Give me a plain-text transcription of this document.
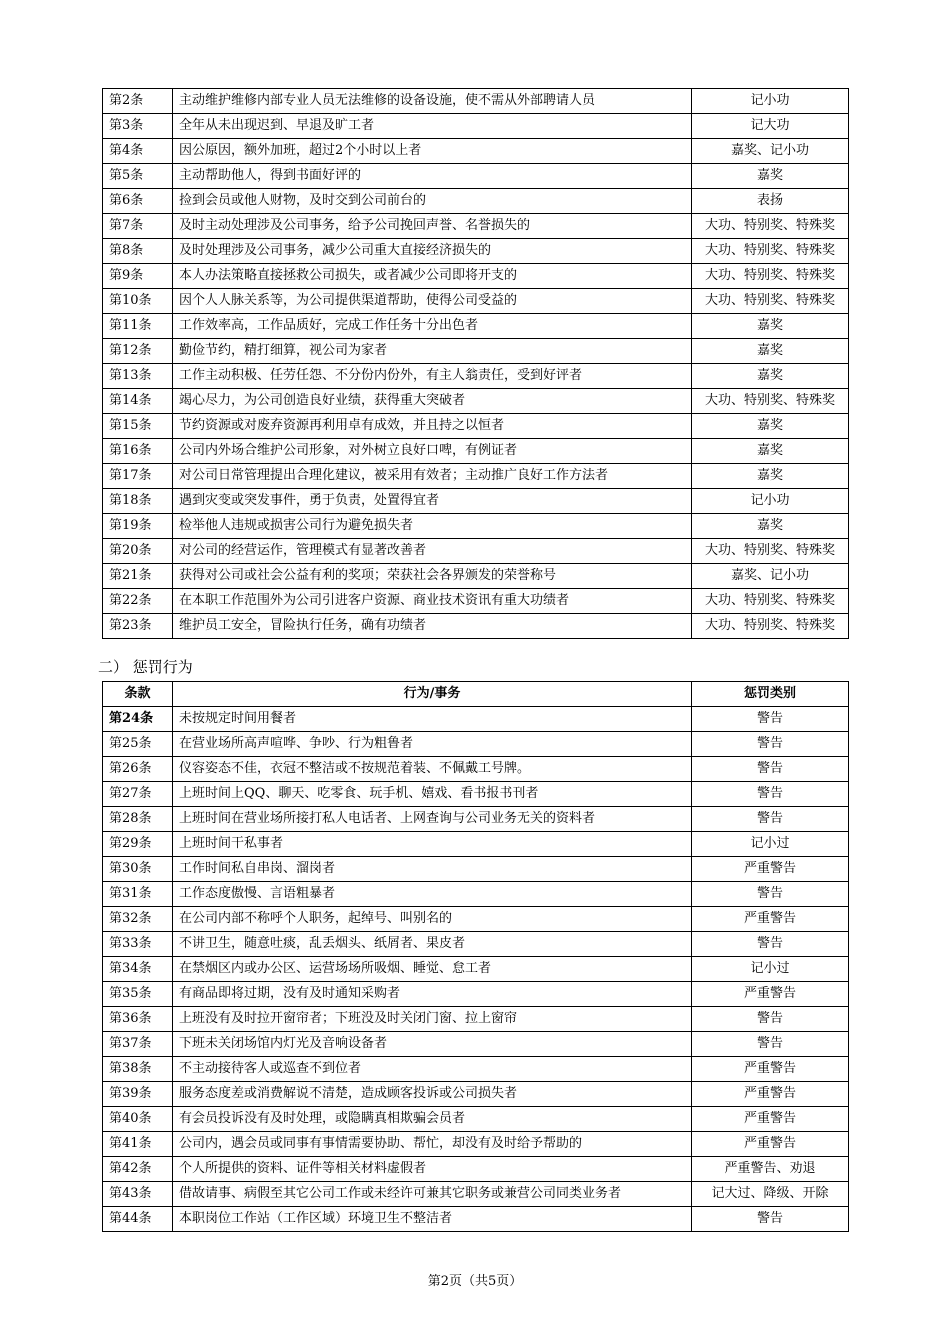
第2条	主动维护维修内部专业人员无法维修的设备设施，使不需从外部聘请人员	记小功
第3条	全年从未出现迟到、早退及旷工者	记大功
第4条	因公原因，额外加班，超过2个小时以上者	嘉奖、记小功
第5条	主动帮助他人，得到书面好评的	嘉奖
第6条	捡到会员或他人财物，及时交到公司前台的	表扬
第7条	及时主动处理涉及公司事务，给予公司挽回声誉、名誉损失的	大功、特别奖、特殊奖
第8条	及时处理涉及公司事务，减少公司重大直接经济损失的	大功、特别奖、特殊奖
第9条	本人办法策略直接拯救公司损失，或者减少公司即将开支的	大功、特别奖、特殊奖
第10条	因个人人脉关系等，为公司提供渠道帮助，使得公司受益的	大功、特别奖、特殊奖
第11条	工作效率高，工作品质好，完成工作任务十分出色者	嘉奖
第12条	勤俭节约，精打细算，视公司为家者	嘉奖
第13条	工作主动积极、任劳任怨、不分份内份外，有主人翁责任，受到好评者	嘉奖
第14条	竭心尽力，为公司创造良好业绩，获得重大突破者	大功、特别奖、特殊奖
第15条	节约资源或对废弃资源再利用卓有成效，并且持之以恒者	嘉奖
第16条	公司内外场合维护公司形象，对外树立良好口啤，有例证者	嘉奖
第17条	对公司日常管理提出合理化建议，被采用有效者；主动推广良好工作方法者	嘉奖
第18条	遇到灾变或突发事件，勇于负责，处置得宜者	记小功
第19条	检举他人违规或损害公司行为避免损失者	嘉奖
第20条	对公司的经营运作，管理模式有显著改善者	大功、特别奖、特殊奖
第21条	获得对公司或社会公益有利的奖项；荣获社会各界颁发的荣誉称号	嘉奖、记小功
第22条	在本职工作范围外为公司引进客户资源、商业技术资讯有重大功绩者	大功、特别奖、特殊奖
第23条	维护员工安全，冒险执行任务，确有功绩者	大功、特别奖、特殊奖
二） 惩罚行为
条款	行为/事务	惩罚类别
第24条	未按规定时间用餐者	警告
第25条	在营业场所高声喧哗、争吵、行为粗鲁者	警告
第26条	仪容姿态不佳，衣冠不整洁或不按规范着装、不佩戴工号牌。	警告
第27条	上班时间上QQ、聊天、吃零食、玩手机、嬉戏、看书报书刊者	警告
第28条	上班时间在营业场所接打私人电话者、上网查询与公司业务无关的资料者	警告
第29条	上班时间干私事者	记小过
第30条	工作时间私自串岗、溜岗者	严重警告
第31条	工作态度傲慢、言语粗暴者	警告
第32条	在公司内部不称呼个人职务，起绰号、叫别名的	严重警告
第33条	不讲卫生，随意吐痰，乱丢烟头、纸屑者、果皮者	警告
第34条	在禁烟区内或办公区、运营场场所吸烟、睡觉、怠工者	记小过
第35条	有商品即将过期，没有及时通知采购者	严重警告
第36条	上班没有及时拉开窗帘者；下班没及时关闭门窗、拉上窗帘	警告
第37条	下班未关闭场馆内灯光及音响设备者	警告
第38条	不主动接待客人或巡查不到位者	严重警告
第39条	服务态度差或消费解说不清楚，造成顾客投诉或公司损失者	严重警告
第40条	有会员投诉没有及时处理，或隐瞒真相欺骗会员者	严重警告
第41条	公司内，遇会员或同事有事情需要协助、帮忙，却没有及时给予帮助的	严重警告
第42条	个人所提供的资料、证件等相关材料虚假者	严重警告、劝退
第43条	借故请事、病假至其它公司工作或未经许可兼其它职务或兼营公司同类业务者	记大过、降级、开除
第44条	本职岗位工作站（工作区域）环境卫生不整洁者	警告
第2页（共5页）
